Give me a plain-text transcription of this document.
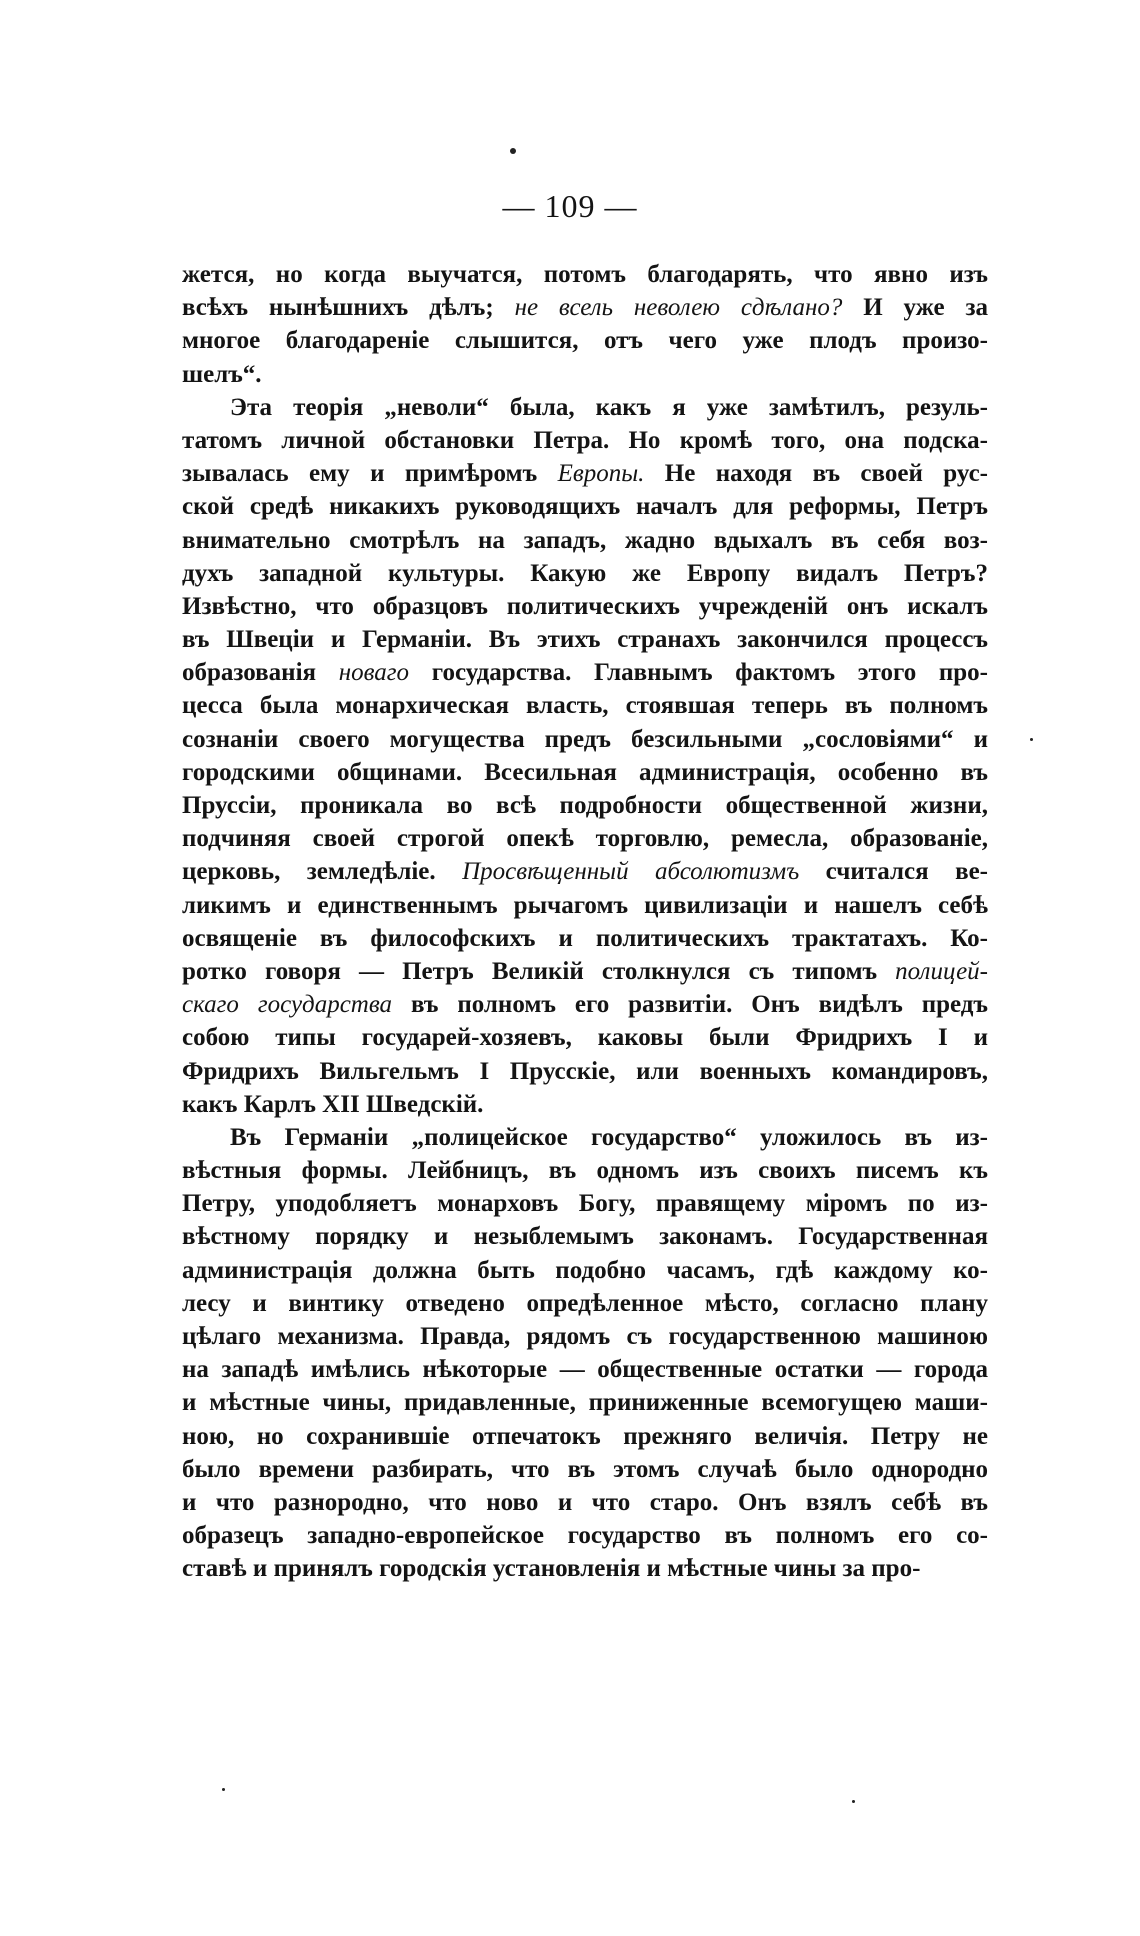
— 109 —
жется, но когда выучатся, потомъ благодарять, что явно изъ
всѣхъ нынѣшнихъ дѣлъ; не всель неволею сдѣлано? И уже за
многое благодареніе слышится, отъ чего уже плодъ произо-
шелъ“.
Эта теорія „неволи“ была, какъ я уже замѣтилъ, резуль-
татомъ личной обстановки Петра. Но кромѣ того, она подска-
зывалась ему и примѣромъ Европы. Не находя въ своей рус-
ской средѣ никакихъ руководящихъ началъ для реформы, Петръ
внимательно смотрѣлъ на западъ, жадно вдыхалъ въ себя воз-
духъ западной культуры. Какую же Европу видалъ Петръ?
Извѣстно, что образцовъ политическихъ учрежденій онъ искалъ
въ Швеціи и Германіи. Въ этихъ странахъ закончился процессъ
образованія новаго государства. Главнымъ фактомъ этого про-
цесса была монархическая власть, стоявшая теперь въ полномъ
сознаніи своего могущества предъ безсильными „сословіями“ и
городскими общинами. Всесильная администрація, особенно въ
Пруссіи, проникала во всѣ подробности общественной жизни,
подчиняя своей строгой опекѣ торговлю, ремесла, образованіе,
церковь, земледѣліе. Просвѣщенный абсолютизмъ считался ве-
ликимъ и единственнымъ рычагомъ цивилизаціи и нашелъ себѣ
освященіе въ философскихъ и политическихъ трактатахъ. Ко-
ротко говоря — Петръ Великій столкнулся съ типомъ полицей-
скаго государства въ полномъ его развитіи. Онъ видѣлъ предъ
собою типы государей-хозяевъ, каковы были Фридрихъ I и
Фридрихъ Вильгельмъ I Прусскіе, или военныхъ командировъ,
какъ Карлъ XII Шведскій.
Въ Германіи „полицейское государство“ уложилось въ из-
вѣстныя формы. Лейбницъ, въ одномъ изъ своихъ писемъ къ
Петру, уподобляетъ монарховъ Богу, правящему міромъ по из-
вѣстному порядку и незыблемымъ законамъ. Государственная
администрація должна быть подобно часамъ, гдѣ каждому ко-
лесу и винтику отведено опредѣленное мѣсто, согласно плану
цѣлаго механизма. Правда, рядомъ съ государственною машиною
на западѣ имѣлись нѣкоторые — общественные остатки — города
и мѣстные чины, придавленные, приниженные всемогущею маши-
ною, но сохранившіе отпечатокъ прежняго величія. Петру не
было времени разбирать, что въ этомъ случаѣ было однородно
и что разнородно, что ново и что старо. Онъ взялъ себѣ въ
образецъ западно-европейское государство въ полномъ его со-
ставѣ и принялъ городскія установленія и мѣстные чины за про-
